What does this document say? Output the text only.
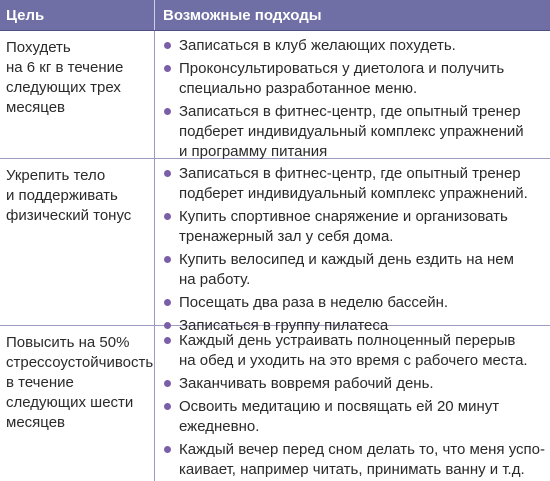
Цель	Возможные подходы
Похудеть
на 6 кг в течение
следующих трех
месяцев
Записаться в клуб желающих похудеть.
Проконсультироваться у диетолога и получить
специально разработанное меню.
Записаться в фитнес-центр, где опытный тренер
подберет индивидуальный комплекс упражнений
и программу питания
Укрепить тело
и поддерживать
физический тонус
Записаться в фитнес-центр, где опытный тренер
подберет индивидуальный комплекс упражнений.
Купить спортивное снаряжение и организовать
тренажерный зал у себя дома.
Купить велосипед и каждый день ездить на нем
на работу.
Посещать два раза в неделю бассейн.
Записаться в группу пилатеса
Повысить на 50%
стрессоустойчивость
в течение
следующих шести
месяцев
Каждый день устраивать полноценный перерыв
на обед и уходить на это время с рабочего места.
Заканчивать вовремя рабочий день.
Освоить медитацию и посвящать ей 20 минут
ежедневно.
Каждый вечер перед сном делать то, что меня успо-
каивает, например читать, принимать ванну и т.д.
